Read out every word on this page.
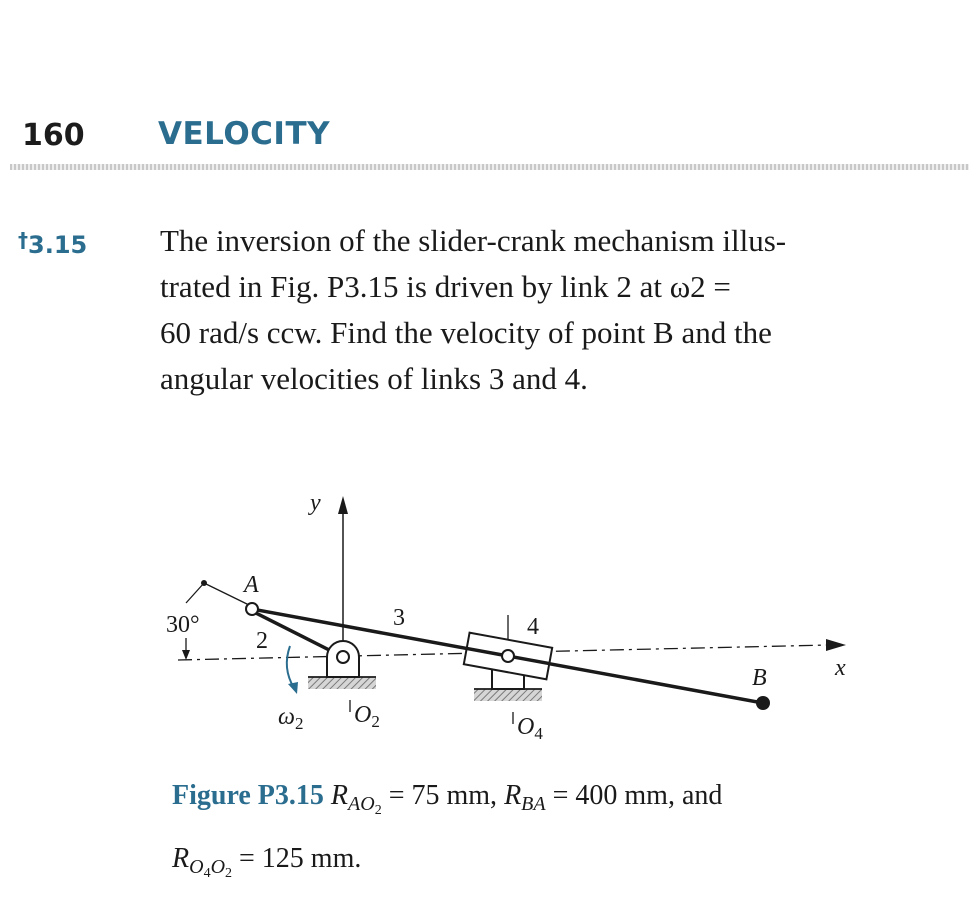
160 VELOCITY
†3.15 The inversion of the slider-crank mechanism illus-
trated in Fig. P3.15 is driven by link 2 at ω2 =
60 rad/s ccw. Find the velocity of point B and the
angular velocities of links 3 and 4.
y
x
30°
A
2
3
$O_2$
$\omega_2$
4
$O_4$
B
Figure P3.15 $R_{AO2} = 75$ mm, $R_{BA} = 400$ mm, and
$R_{O4O2} = 125$ mm.
